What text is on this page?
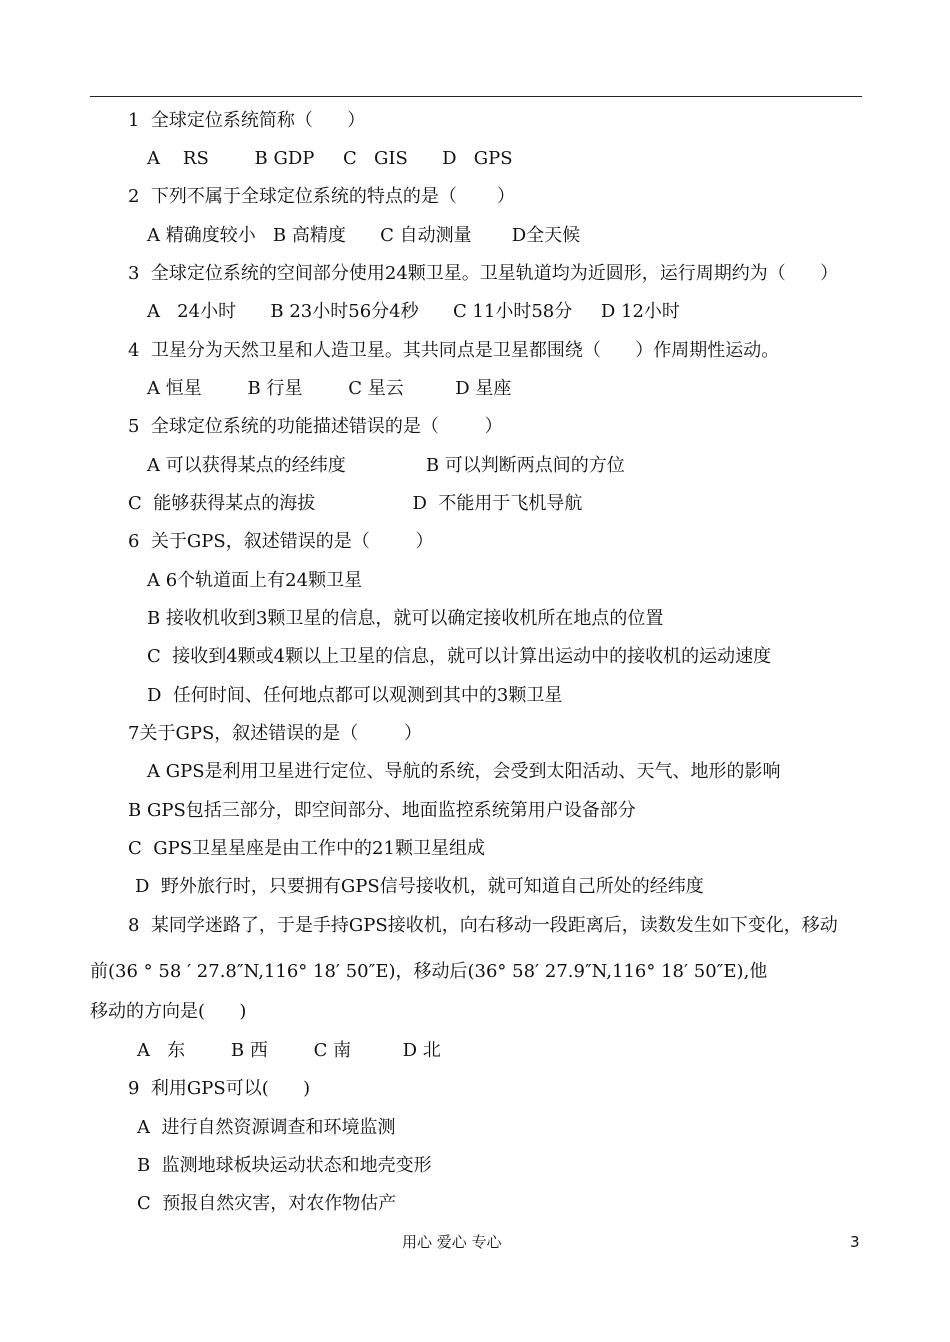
1  全球定位系统简称（      ）
A    RS        B GDP     C   GIS      D   GPS
2  下列不属于全球定位系统的特点的是（       ）
A 精确度较小   B 高精度      C 自动测量       D全天候
3  全球定位系统的空间部分使用24颗卫星。卫星轨道均为近圆形，运行周期约为（      ）
A   24小时      B 23小时56分4秒      C 11小时58分     D 12小时
4  卫星分为天然卫星和人造卫星。其共同点是卫星都围绕（      ）作周期性运动。
A 恒星        B 行星        C 星云         D 星座
5  全球定位系统的功能描述错误的是（        ）
A 可以获得某点的经纬度              B 可以判断两点间的方位
C  能够获得某点的海拔                 D  不能用于飞机导航
6  关于GPS，叙述错误的是（        ）
A 6个轨道面上有24颗卫星
B 接收机收到3颗卫星的信息，就可以确定接收机所在地点的位置
C  接收到4颗或4颗以上卫星的信息，就可以计算出运动中的接收机的运动速度
D  任何时间、任何地点都可以观测到其中的3颗卫星
7关于GPS，叙述错误的是（        ）
A GPS是利用卫星进行定位、导航的系统，会受到太阳活动、天气、地形的影响
B GPS包括三部分，即空间部分、地面监控系统第用户设备部分
C  GPS卫星星座是由工作中的21颗卫星组成
D  野外旅行时，只要拥有GPS信号接收机，就可知道自己所处的经纬度
8  某同学迷路了，于是手持GPS接收机，向右移动一段距离后，读数发生如下变化，移动
前(36 ° 58 ′ 27.8″N,116° 18′ 50″E)，移动后(36° 58′ 27.9″N,116° 18′ 50″E),他
移动的方向是(      )
A   东        B 西        C 南         D 北
9  利用GPS可以(      )
A  进行自然资源调查和环境监测
B  监测地球板块运动状态和地壳变形
C  预报自然灾害，对农作物估产
用心 爱心 专心	3
